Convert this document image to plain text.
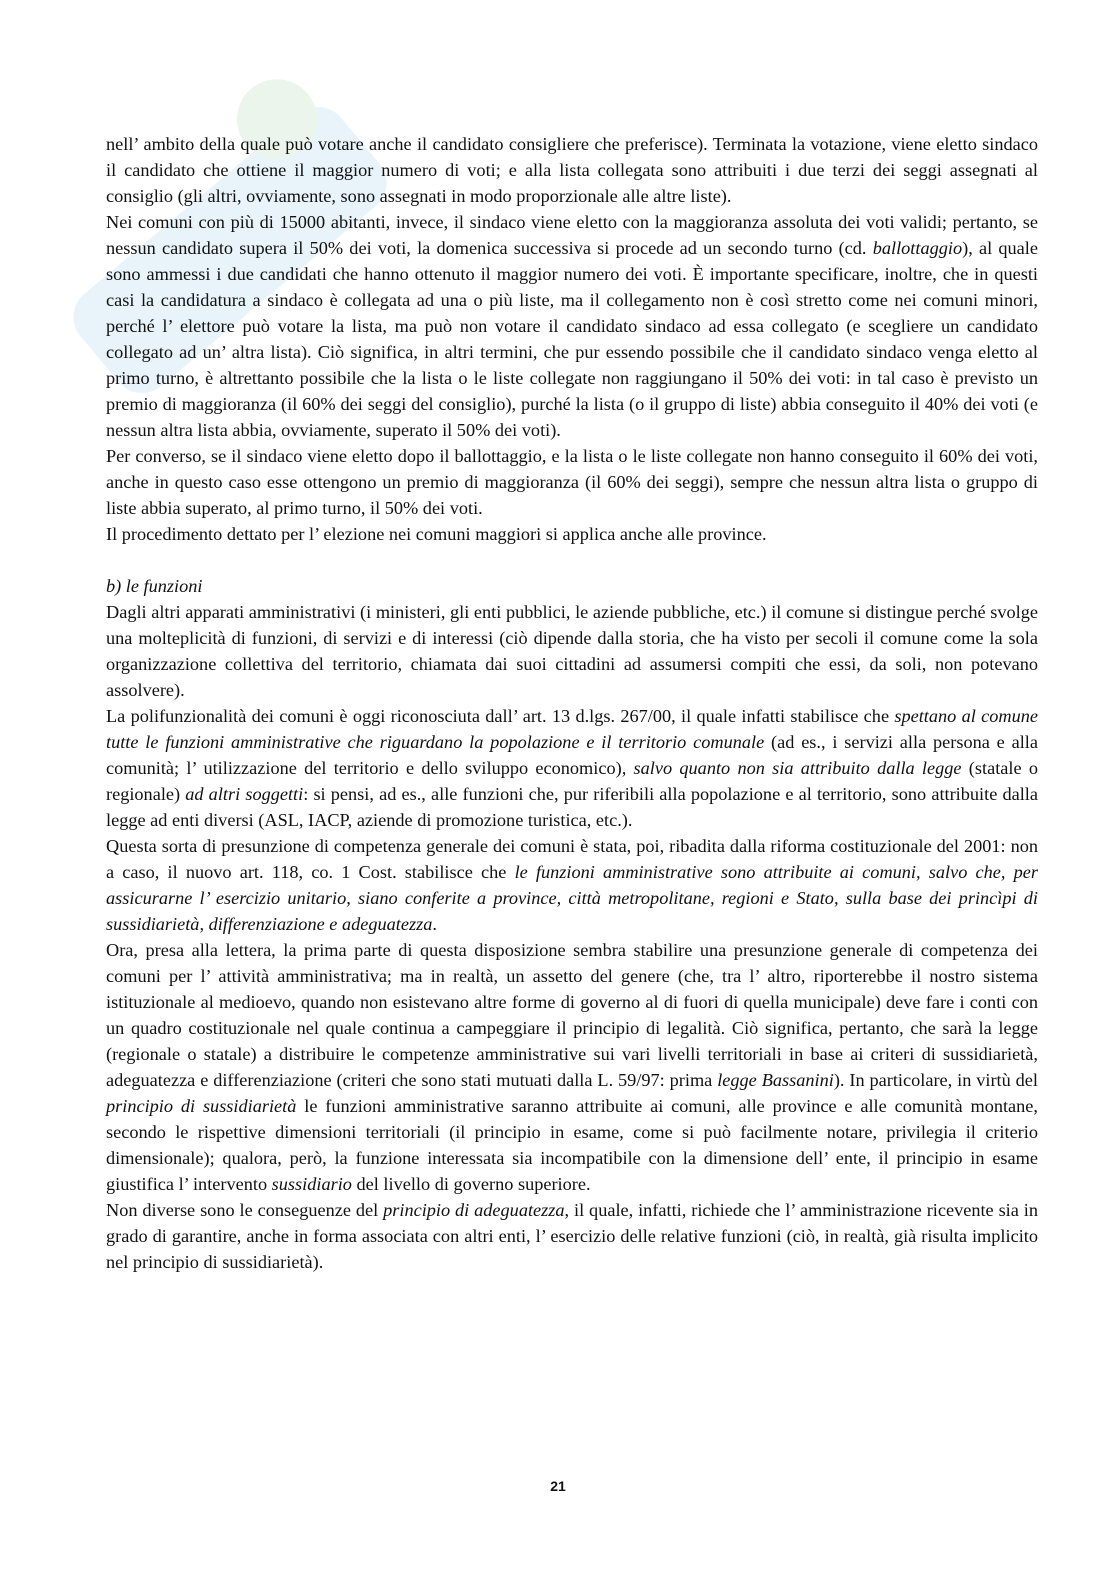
nell’ ambito della quale può votare anche il candidato consigliere che preferisce). Terminata la votazione, viene eletto sindaco il candidato che ottiene il maggior numero di voti; e alla lista collegata sono attribuiti i due terzi dei seggi assegnati al consiglio (gli altri, ovviamente, sono assegnati in modo proporzionale alle altre liste).

Nei comuni con più di 15000 abitanti, invece, il sindaco viene eletto con la maggioranza assoluta dei voti validi; pertanto, se nessun candidato supera il 50% dei voti, la domenica successiva si procede ad un secondo turno (cd. ballottaggio), al quale sono ammessi i due candidati che hanno ottenuto il maggior numero dei voti. È importante specificare, inoltre, che in questi casi la candidatura a sindaco è collegata ad una o più liste, ma il collegamento non è così stretto come nei comuni minori, perché l’ elettore può votare la lista, ma può non votare il candidato sindaco ad essa collegato (e scegliere un candidato collegato ad un’ altra lista). Ciò significa, in altri termini, che pur essendo possibile che il candidato sindaco venga eletto al primo turno, è altrettanto possibile che la lista o le liste collegate non raggiungano il 50% dei voti: in tal caso è previsto un premio di maggioranza (il 60% dei seggi del consiglio), purché la lista (o il gruppo di liste) abbia conseguito il 40% dei voti (e nessun altra lista abbia, ovviamente, superato il 50% dei voti).

Per converso, se il sindaco viene eletto dopo il ballottaggio, e la lista o le liste collegate non hanno conseguito il 60% dei voti, anche in questo caso esse ottengono un premio di maggioranza (il 60% dei seggi), sempre che nessun altra lista o gruppo di liste abbia superato, al primo turno, il 50% dei voti.

Il procedimento dettato per l’ elezione nei comuni maggiori si applica anche alle province.

b) le funzioni

Dagli altri apparati amministrativi (i ministeri, gli enti pubblici, le aziende pubbliche, etc.) il comune si distingue perché svolge una molteplicità di funzioni, di servizi e di interessi (ciò dipende dalla storia, che ha visto per secoli il comune come la sola organizzazione collettiva del territorio, chiamata dai suoi cittadini ad assumersi compiti che essi, da soli, non potevano assolvere).

La polifunzionalità dei comuni è oggi riconosciuta dall’ art. 13 d.lgs. 267/00, il quale infatti stabilisce che spettano al comune tutte le funzioni amministrative che riguardano la popolazione e il territorio comunale (ad es., i servizi alla persona e alla comunità; l’ utilizzazione del territorio e dello sviluppo economico), salvo quanto non sia attribuito dalla legge (statale o regionale) ad altri soggetti: si pensi, ad es., alle funzioni che, pur riferibili alla popolazione e al territorio, sono attribuite dalla legge ad enti diversi (ASL, IACP, aziende di promozione turistica, etc.).

Questa sorta di presunzione di competenza generale dei comuni è stata, poi, ribadita dalla riforma costituzionale del 2001: non a caso, il nuovo art. 118, co. 1 Cost. stabilisce che le funzioni amministrative sono attribuite ai comuni, salvo che, per assicurarne l’ esercizio unitario, siano conferite a province, città metropolitane, regioni e Stato, sulla base dei princìpi di sussidiarietà, differenziazione e adeguatezza.

Ora, presa alla lettera, la prima parte di questa disposizione sembra stabilire una presunzione generale di competenza dei comuni per l’ attività amministrativa; ma in realtà, un assetto del genere (che, tra l’ altro, riporterebbe il nostro sistema istituzionale al medioevo, quando non esistevano altre forme di governo al di fuori di quella municipale) deve fare i conti con un quadro costituzionale nel quale continua a campeggiare il principio di legalità. Ciò significa, pertanto, che sarà la legge (regionale o statale) a distribuire le competenze amministrative sui vari livelli territoriali in base ai criteri di sussidiarietà, adeguatezza e differenziazione (criteri che sono stati mutuati dalla L. 59/97: prima legge Bassanini). In particolare, in virtù del principio di sussidiarietà le funzioni amministrative saranno attribuite ai comuni, alle province e alle comunità montane, secondo le rispettive dimensioni territoriali (il principio in esame, come si può facilmente notare, privilegia il criterio dimensionale); qualora, però, la funzione interessata sia incompatibile con la dimensione dell’ ente, il principio in esame giustifica l’ intervento sussidiario del livello di governo superiore.

Non diverse sono le conseguenze del principio di adeguatezza, il quale, infatti, richiede che l’ amministrazione ricevente sia in grado di garantire, anche in forma associata con altri enti, l’ esercizio delle relative funzioni (ciò, in realtà, già risulta implicito nel principio di sussidiarietà).

21
